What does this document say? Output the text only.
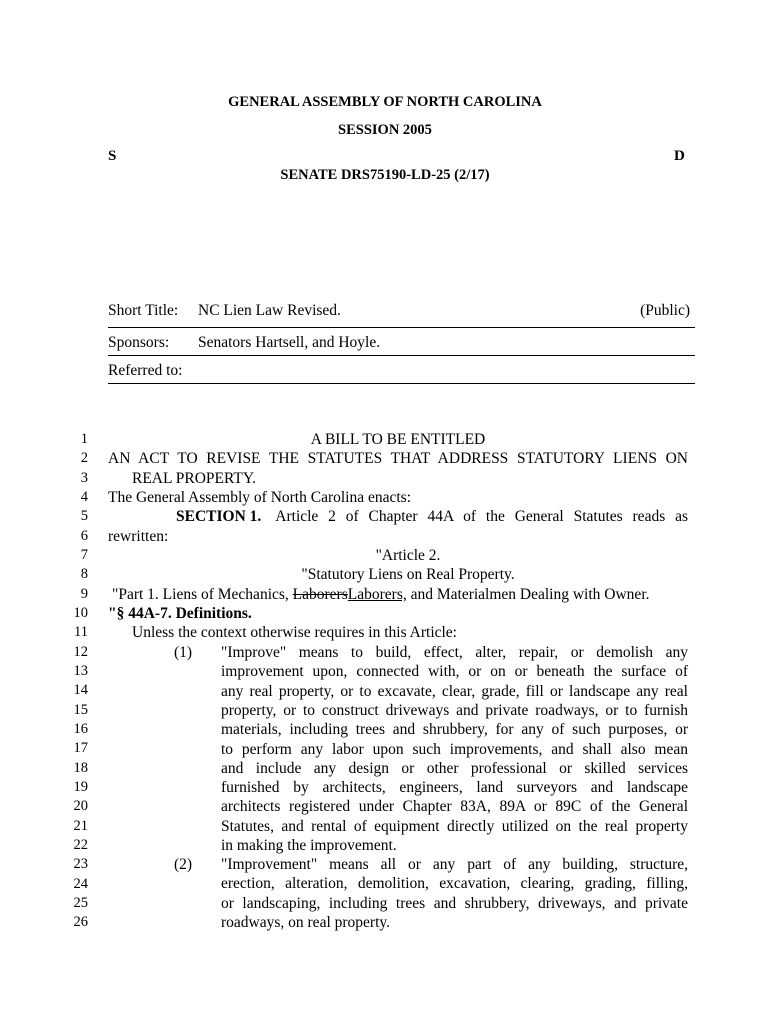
GENERAL ASSEMBLY OF NORTH CAROLINA
SESSION 2005
S	D
SENATE DRS75190-LD-25 (2/17)
Short Title: NC Lien Law Revised.	(Public)
Sponsors: Senators Hartsell, and Hoyle.
Referred to:
1
2
3
4
5
6
7
8
9
10
11
12
13
14
15
16
17
18
19
20
21
22
23
24
25
26
A BILL TO BE ENTITLED
AN ACT TO REVISE THE STATUTES THAT ADDRESS STATUTORY LIENS ON
REAL PROPERTY.
The General Assembly of North Carolina enacts:
SECTION 1. Article 2 of Chapter 44A of the General Statutes reads as
rewritten:
"Article 2.
"Statutory Liens on Real Property.
"Part 1. Liens of Mechanics, LaborersLaborers, and Materialmen Dealing with Owner.
"§ 44A-7. Definitions.
Unless the context otherwise requires in this Article:
(1)	"Improve" means to build, effect, alter, repair, or demolish any
improvement upon, connected with, or on or beneath the surface of
any real property, or to excavate, clear, grade, fill or landscape any real
property, or to construct driveways and private roadways, or to furnish
materials, including trees and shrubbery, for any of such purposes, or
to perform any labor upon such improvements, and shall also mean
and include any design or other professional or skilled services
furnished by architects, engineers, land surveyors and landscape
architects registered under Chapter 83A, 89A or 89C of the General
Statutes, and rental of equipment directly utilized on the real property
in making the improvement.
(2)	"Improvement" means all or any part of any building, structure,
erection, alteration, demolition, excavation, clearing, grading, filling,
or landscaping, including trees and shrubbery, driveways, and private
roadways, on real property.
